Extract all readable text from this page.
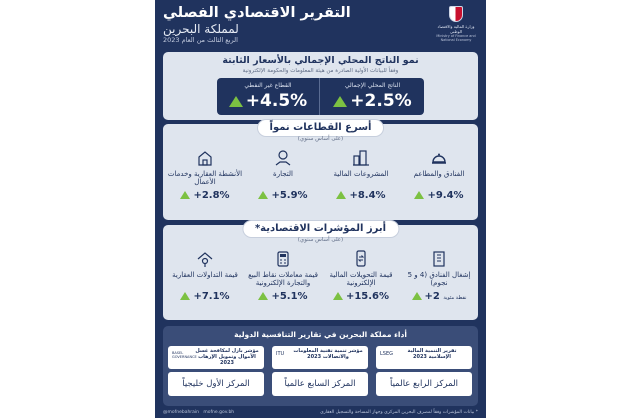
وزارة المالية والاقتصاد الوطني
Ministry of Finance and National Economy
التقرير الاقتصادي الفصلي
لمملكة البحرين
الربع الثالث من العام 2023
نمو الناتج المحلي الإجمالي بالأسعار الثابتة
وفقاً للبيانات الأولية الصادرة من هيئة المعلومات والحكومة الإلكترونية
الناتج المحلي الإجمالي
+2.5%
القطاع غير النفطي
+4.5%
أسرع القطاعات نمواً
(على أساس سنوي)
الفنادق والمطاعم
+9.4%
المشروعات المالية
+8.4%
التجارة
+5.9%
الأنشطة العقارية وخدمات الأعمال
+2.8%
أبرز المؤشرات الاقتصادية*
(على أساس سنوي)
إشغال الفنادق (4 و 5 نجوم)
+2 نقطة مئوية
قيمة التحويلات المالية الإلكترونية
+15.6%
قيمة معاملات نقاط البيع والتجارة الإلكترونية
+5.1%
قيمة التداولات العقارية
+7.1%
أداء مملكة البحرين في تقارير التنافسية الدولية
تقرير التنمية المالية الإسلامية 2023
LSEG
المركز الرابع عالمياً
مؤشر تنمية تقنية المعلومات والاتصالات 2023
ITU
المركز السابع عالمياً
مؤشر بازل لمكافحة غسل الأموال وتمويل الإرهاب 2023
BASEL GOVERNANCE
المركز الأول خليجياً
@mofnebahrain mofne.gov.bh	* بيانات المؤشرات وفقاً لمصرف البحرين المركزي وجهاز المساحة والتسجيل العقاري
